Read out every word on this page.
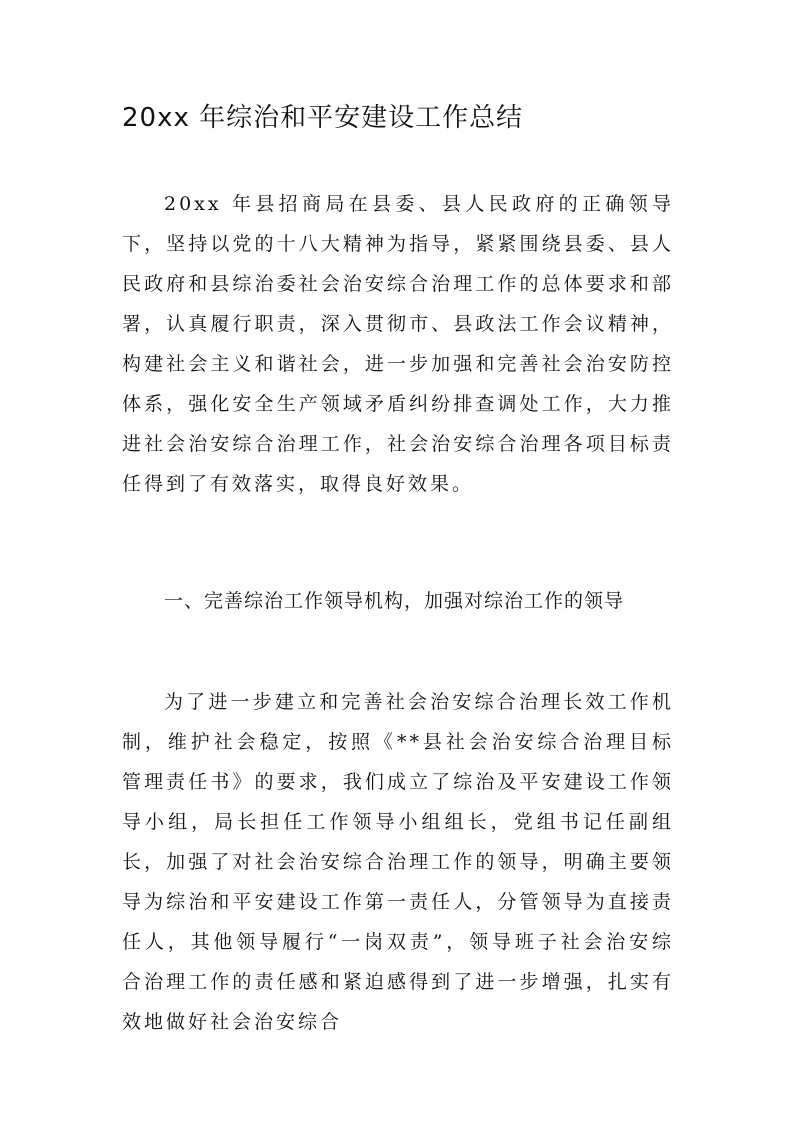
20xx 年综治和平安建设工作总结

20xx 年县招商局在县委、县人民政府的正确领导下，坚持以党的十八大精神为指导，紧紧围绕县委、县人民政府和县综治委社会治安综合治理工作的总体要求和部署，认真履行职责，深入贯彻市、县政法工作会议精神，构建社会主义和谐社会，进一步加强和完善社会治安防控体系，强化安全生产领域矛盾纠纷排查调处工作，大力推进社会治安综合治理工作，社会治安综合治理各项目标责任得到了有效落实，取得良好效果。

一、完善综治工作领导机构，加强对综治工作的领导

为了进一步建立和完善社会治安综合治理长效工作机制，维护社会稳定，按照《**县社会治安综合治理目标管理责任书》的要求，我们成立了综治及平安建设工作领导小组，局长担任工作领导小组组长，党组书记任副组长，加强了对社会治安综合治理工作的领导，明确主要领导为综治和平安建设工作第一责任人，分管领导为直接责任人，其他领导履行“一岗双责”，领导班子社会治安综合治理工作的责任感和紧迫感得到了进一步增强，扎实有效地做好社会治安综合
